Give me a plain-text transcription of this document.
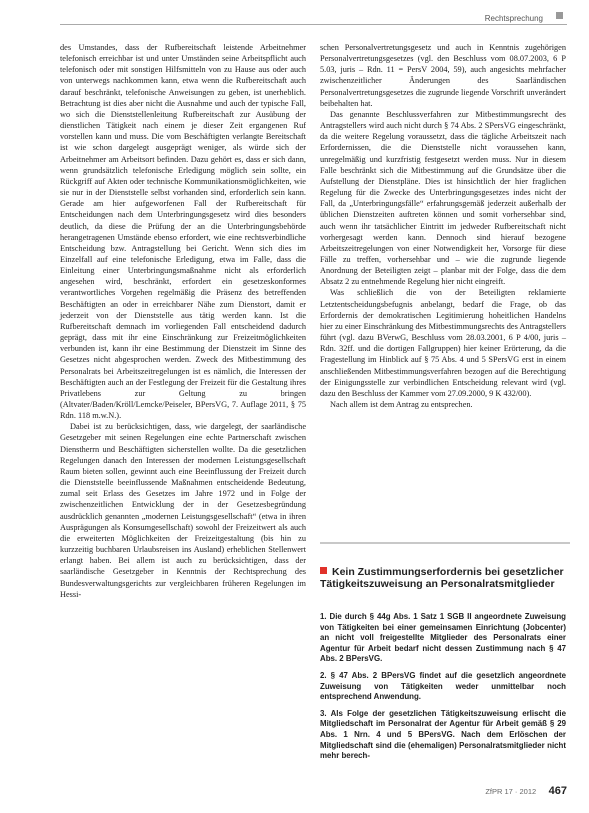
Rechtsprechung

des Umstandes, dass der Rufbereitschaft leistende Arbeitnehmer telefonisch erreichbar ist und unter Umständen seine Arbeitspflicht auch telefonisch oder mit sonstigen Hilfsmitteln von zu Hause aus oder auch von unterwegs nachkommen kann, etwa wenn die Rufbereitschaft auch darauf beschränkt, telefonische Anweisungen zu geben, ist unerheblich. Betrachtung ist dies aber nicht die Ausnahme und auch der typische Fall, wo sich die Dienststellenleitung Rufbereitschaft zur Ausübung der dienstlichen Tätigkeit nach einem je dieser Zeit ergangenen Ruf vorstellen kann und muss. Die vom Beschäftigten verlangte Bereitschaft ist wie schon dargelegt ausgeprägt weniger, als würde sich der Arbeitnehmer am Arbeitsort befinden. Dazu gehört es, dass er sich dann, wenn grundsätzlich telefonische Erledigung möglich sein sollte, ein Rückgriff auf Akten oder technische Kommunikationsmöglichkeiten, wie sie nur in der Dienststelle selbst vorhanden sind, erforderlich sein kann. Gerade am hier aufgeworfenen Fall der Rufbereitschaft für Entscheidungen nach dem Unterbringungsgesetz wird dies besonders deutlich, da diese die Prüfung der an die Unterbringungsbehörde herangetragenen Umstände ebenso erfordert, wie eine rechtsverbindliche Entscheidung bzw. Antragstellung bei Gericht. Wenn sich dies im Einzelfall auf eine telefonische Erledigung, etwa im Falle, dass die Einleitung einer Unterbringungsmaßnahme nicht als erforderlich angesehen wird, beschränkt, erfordert ein gesetzeskonformes verantwortliches Vorgehen regelmäßig die Präsenz des betreffenden Beschäftigten an oder in erreichbarer Nähe zum Dienstort, damit er jederzeit von der Dienststelle aus tätig werden kann. Ist die Rufbereitschaft demnach im vorliegenden Fall entscheidend dadurch geprägt, dass mit ihr eine Einschränkung zur Freizeitmöglichkeiten verbunden ist, kann ihr eine Bestimmung der Dienstzeit im Sinne des Gesetzes nicht abgesprochen werden. Zweck des Mitbestimmung des Personalrats bei Arbeitszeitregelungen ist es nämlich, die Interessen der Beschäftigten auch an der Festlegung der Freizeit für die Gestaltung ihres Privatlebens zur Geltung zu bringen (Altvater/Baden/Kröll/Lemcke/Peiseler, BPersVG, 7. Auflage 2011, § 75 Rdn. 118 m.w.N.).

Dabei ist zu berücksichtigen, dass, wie dargelegt, der saarländische Gesetzgeber mit seinen Regelungen eine echte Partnerschaft zwischen Dienstherrn und Beschäftigten sicherstellen wollte. Da die gesetzlichen Regelungen danach den Interessen der modernen Leistungsgesellschaft Raum bieten sollen, gewinnt auch eine Beeinflussung der Freizeit durch die Dienststelle beeinflussende Maßnahmen entscheidende Bedeutung, zumal seit Erlass des Gesetzes im Jahre 1972 und in Folge der zwischenzeitlichen Entwicklung der in der Gesetzesbegründung ausdrücklich genannten „modernen Leistungsgesellschaft“ (etwa in ihren Ausprägungen als Konsumgesellschaft) sowohl der Freizeitwert als auch die erweiterten Möglichkeiten der Freizeitgestaltung (bis hin zu kurzzeitig buchbaren Urlaubsreisen ins Ausland) erheblichen Stellenwert erlangt haben. Bei allem ist auch zu berücksichtigen, dass der saarländische Gesetzgeber in Kenntnis der Rechtsprechung des Bundesverwaltungsgerichts zur vergleichbaren früheren Regelungen im Hessi-

schen Personalvertretungsgesetz und auch in Kenntnis zugehörigen Personalvertretungsgesetzes (vgl. den Beschluss vom 08.07.2003, 6 P 5.03, juris – Rdn. 11 = PersV 2004, 59), auch angesichts mehrfacher zwischenzeitlicher Änderungen des Saarländischen Personalvertretungsgesetzes die zugrunde liegende Vorschrift unverändert beibehalten hat.

Das genannte Beschlussverfahren zur Mitbestimmungsrecht des Antragstellers wird auch nicht durch § 74 Abs. 2 SPersVG eingeschränkt, da die weitere Regelung voraussetzt, dass die tägliche Arbeitszeit nach Erfordernissen, die die Dienststelle nicht voraussehen kann, unregelmäßig und kurzfristig festgesetzt werden muss. Nur in diesem Falle beschränkt sich die Mitbestimmung auf die Grundsätze über die Aufstellung der Dienstpläne. Dies ist hinsichtlich der hier fraglichen Regelung für die Zwecke des Unterbringungsgesetzes indes nicht der Fall, da „Unterbringungsfälle“ erfahrungsgemäß jederzeit außerhalb der üblichen Dienstzeiten auftreten können und somit vorhersehbar sind, auch wenn ihr tatsächlicher Eintritt im jedweder Rufbereitschaft nicht vorhergesagt werden kann. Dennoch sind hierauf bezogene Arbeitszeitregelungen von einer Notwendigkeit her, Vorsorge für diese Fälle zu treffen, vorhersehbar und – wie die zugrunde liegende Anordnung der Beteiligten zeigt – planbar mit der Folge, dass die dem Absatz 2 zu entnehmende Regelung hier nicht eingreift.

Was schließlich die von der Beteiligten reklamierte Letztentscheidungsbefugnis anbelangt, bedarf die Frage, ob das Erfordernis der demokratischen Legitimierung hoheitlichen Handelns hier zu einer Einschränkung des Mitbestimmungsrechts des Antragstellers führt (vgl. dazu BVerwG, Beschluss vom 28.03.2001, 6 P 4/00, juris – Rdn. 32ff. und die dortigen Fallgruppen) hier keiner Erörterung, da die Fragestellung im Hinblick auf § 75 Abs. 4 und 5 SPersVG erst in einem anschließenden Mitbestimmungsverfahren bezogen auf die Berechtigung der Einigungsstelle zur verbindlichen Entscheidung relevant wird (vgl. dazu den Beschluss der Kammer vom 27.09.2000, 9 K 432/00).

Nach allem ist dem Antrag zu entsprechen.

Kein Zustimmungserfordernis bei gesetzlicher Tätigkeitszuweisung an Personalratsmitglieder

1. Die durch § 44g Abs. 1 Satz 1 SGB II angeordnete Zuweisung von Tätigkeiten bei einer gemeinsamen Einrichtung (Jobcenter) an nicht voll freigestellte Mitglieder des Personalrats einer Agentur für Arbeit bedarf nicht dessen Zustimmung nach § 47 Abs. 2 BPersVG.

2. § 47 Abs. 2 BPersVG findet auf die gesetzlich angeordnete Zuweisung von Tätigkeiten weder unmittelbar noch entsprechend Anwendung.

3. Als Folge der gesetzlichen Tätigkeitszuweisung erlischt die Mitgliedschaft im Personalrat der Agentur für Arbeit gemäß § 29 Abs. 1 Nrn. 4 und 5 BPersVG. Nach dem Erlöschen der Mitgliedschaft sind die (ehemaligen) Personalratsmitglieder nicht mehr berech-

ZfPR 17 · 2012 467
